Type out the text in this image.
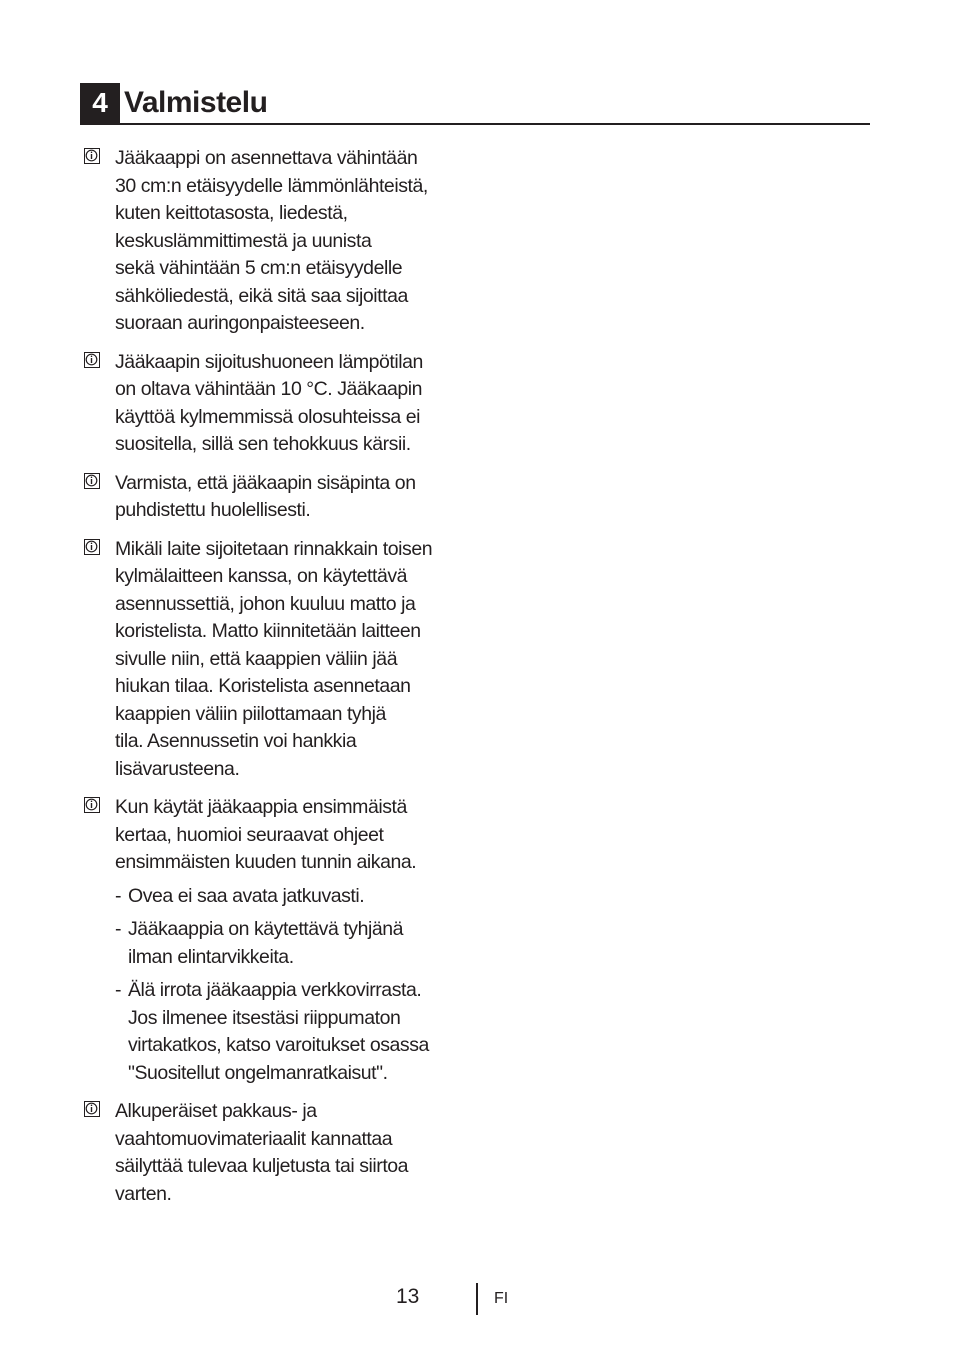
4 Valmistelu
Jääkaappi on asennettava vähintään
30 cm:n etäisyydelle lämmönlähteistä,
kuten keittotasosta, liedestä,
keskuslämmittimestä ja uunista
sekä vähintään 5 cm:n etäisyydelle
sähköliedestä, eikä sitä saa sijoittaa
suoraan auringonpaisteeseen.
Jääkaapin sijoitushuoneen lämpötilan
on oltava vähintään 10 °C. Jääkaapin
käyttöä kylmemmissä olosuhteissa ei
suositella, sillä sen tehokkuus kärsii.
Varmista, että jääkaapin sisäpinta on
puhdistettu huolellisesti.
Mikäli laite sijoitetaan rinnakkain toisen
kylmälaitteen kanssa, on käytettävä
asennussettiä, johon kuuluu matto ja
koristelista. Matto kiinnitetään laitteen
sivulle niin, että kaappien väliin jää
hiukan tilaa. Koristelista asennetaan
kaappien väliin piilottamaan tyhjä
tila. Asennussetin voi hankkia
lisävarusteena.
Kun käytät jääkaappia ensimmäistä
kertaa, huomioi seuraavat ohjeet
ensimmäisten kuuden tunnin aikana.
- Ovea ei saa avata jatkuvasti.
- Jääkaappia on käytettävä tyhjänä
ilman elintarvikkeita.
- Älä irrota jääkaappia verkkovirrasta.
Jos ilmenee itsestäsi riippumaton
virtakatkos, katso varoitukset osassa
"Suositellut ongelmanratkaisut".
Alkuperäiset pakkaus- ja
vaahtomuovimateriaalit kannattaa
säilyttää tulevaa kuljetusta tai siirtoa
varten.
13	FI
